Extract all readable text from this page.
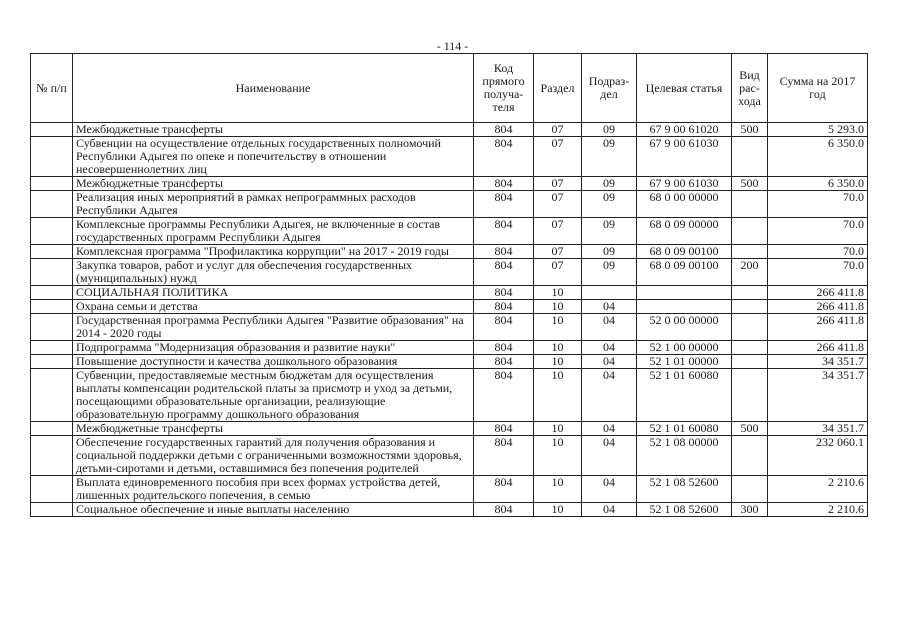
- 114 -
№ п/п	Наименование	Код прямого получа-теля	Раздел	Подраз-дел	Целевая статья	Вид рас-хода	Сумма на 2017 год
	Межбюджетные трансферты	804	07	09	67 9 00 61020	500	5 293.0
	Субвенции на осуществление отдельных государственных полномочий Республики Адыгея по опеке и попечительству в отношении несовершеннолетних лиц	804	07	09	67 9 00 61030		6 350.0
	Межбюджетные трансферты	804	07	09	67 9 00 61030	500	6 350.0
	Реализация иных мероприятий в рамках непрограммных расходов Республики Адыгея	804	07	09	68 0 00 00000		70.0
	Комплексные программы Республики Адыгея, не включенные в состав государственных программ Республики Адыгея	804	07	09	68 0 09 00000		70.0
	Комплексная программа "Профилактика коррупции" на 2017 - 2019 годы	804	07	09	68 0 09 00100		70.0
	Закупка товаров, работ и услуг для обеспечения государственных (муниципальных) нужд	804	07	09	68 0 09 00100	200	70.0
	СОЦИАЛЬНАЯ ПОЛИТИКА	804	10				266 411.8
	Охрана семьи и детства	804	10	04			266 411.8
	Государственная программа Республики Адыгея "Развитие образования" на 2014 - 2020 годы	804	10	04	52 0 00 00000		266 411.8
	Подпрограмма "Модернизация образования и развитие науки"	804	10	04	52 1 00 00000		266 411.8
	Повышение доступности и качества дошкольного образования	804	10	04	52 1 01 00000		34 351.7
	Субвенции, предоставляемые местным бюджетам для осуществления выплаты компенсации родительской платы за присмотр и уход за детьми, посещающими образовательные организации, реализующие образовательную программу дошкольного образования	804	10	04	52 1 01 60080		34 351.7
	Межбюджетные трансферты	804	10	04	52 1 01 60080	500	34 351.7
	Обеспечение государственных гарантий для получения образования и социальной поддержки детьми с ограниченными возможностями здоровья, детьми-сиротами и детьми, оставшимися без попечения родителей	804	10	04	52 1 08 00000		232 060.1
	Выплата единовременного пособия при всех формах устройства детей, лишенных родительского попечения, в семью	804	10	04	52 1 08 52600		2 210.6
	Социальное обеспечение и иные выплаты населению	804	10	04	52 1 08 52600	300	2 210.6
